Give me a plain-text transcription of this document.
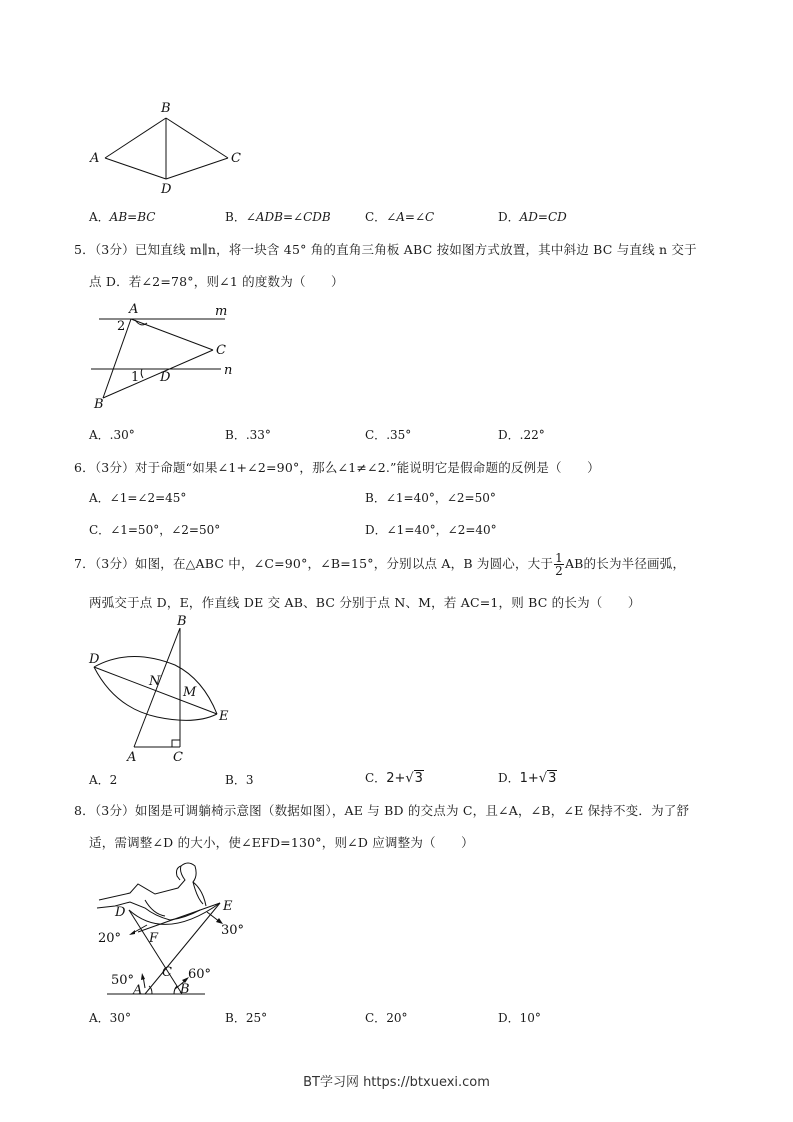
B
A	C
D
A．AB=BC	B．∠ADB=∠CDB	C．∠A=∠C	D．AD=CD
5．（3分）已知直线 m∥n，将一块含 45° 角的直角三角板 ABC 按如图方式放置，其中斜边 BC 与直线 n 交于
点 D．若∠2=78°，则∠1 的度数为（　　）
A	m
2
C
n
1 D
B
A．.30°	B．.33°	C．.35°	D．.22°
6．（3分）对于命题“如果∠1+∠2=90°，那么∠1≠∠2.”能说明它是假命题的反例是（　　）
A．∠1=∠2=45°	B．∠1=40°，∠2=50°
C．∠1=50°，∠2=50°	D．∠1=40°，∠2=40°
7．（3分）如图，在△ABC 中，∠C=90°，∠B=15°，分别以点 A，B 为圆心，大于 $\frac{1}{2}$ AB的长为半径画弧，
两弧交于点 D，E，作直线 DE 交 AB、BC 分别于点 N、M，若 AC=1，则 BC 的长为（　　）
B
D
N
M
E
A	C
A．2	B．3	C．2+√3	D．1+√3
8．（3分）如图是可调躺椅示意图（数据如图），AE 与 BD 的交点为 C，且∠A，∠B，∠E 保持不变．为了舒
适，需调整∠D 的大小，使∠EFD=130°，则∠D 应调整为（　　）
D	E
20° F
30°
C 60°
50°
A	B
A．30°	B．25°	C．20°	D．10°
BT学习网 https://btxuexi.com
